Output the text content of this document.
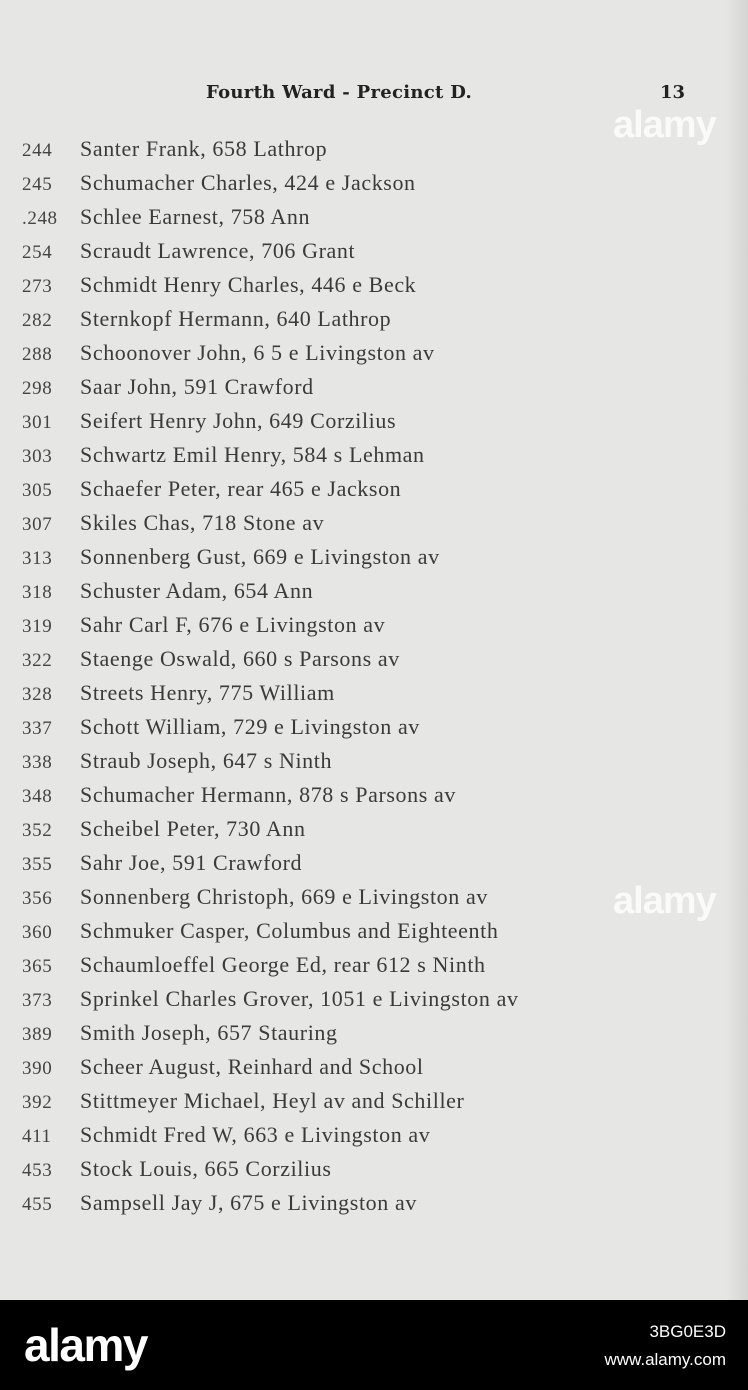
Fourth Ward - Precinct D.	13
244 Santer Frank, 658 Lathrop
245 Schumacher Charles, 424 e Jackson
.248 Schlee Earnest, 758 Ann
254 Scraudt Lawrence, 706 Grant
273 Schmidt Henry Charles, 446 e Beck
282 Sternkopf Hermann, 640 Lathrop
288 Schoonover John, 6 5 e Livingston av
298 Saar John, 591 Crawford
301 Seifert Henry John, 649 Corzilius
303 Schwartz Emil Henry, 584 s Lehman
305 Schaefer Peter, rear 465 e Jackson
307 Skiles Chas, 718 Stone av
313 Sonnenberg Gust, 669 e Livingston av
318 Schuster Adam, 654 Ann
319 Sahr Carl F, 676 e Livingston av
322 Staenge Oswald, 660 s Parsons av
328 Streets Henry, 775 William
337 Schott William, 729 e Livingston av
338 Straub Joseph, 647 s Ninth
348 Schumacher Hermann, 878 s Parsons av
352 Scheibel Peter, 730 Ann
355 Sahr Joe, 591 Crawford
356 Sonnenberg Christoph, 669 e Livingston av
360 Schmuker Casper, Columbus and Eighteenth
365 Schaumloeffel George Ed, rear 612 s Ninth
373 Sprinkel Charles Grover, 1051 e Livingston av
389 Smith Joseph, 657 Stauring
390 Scheer August, Reinhard and School
392 Stittmeyer Michael, Heyl av and Schiller
411 Schmidt Fred W, 663 e Livingston av
453 Stock Louis, 665 Corzilius
455 Sampsell Jay J, 675 e Livingston av
alamy
alamy
alamy	3BG0E3D
www.alamy.com
